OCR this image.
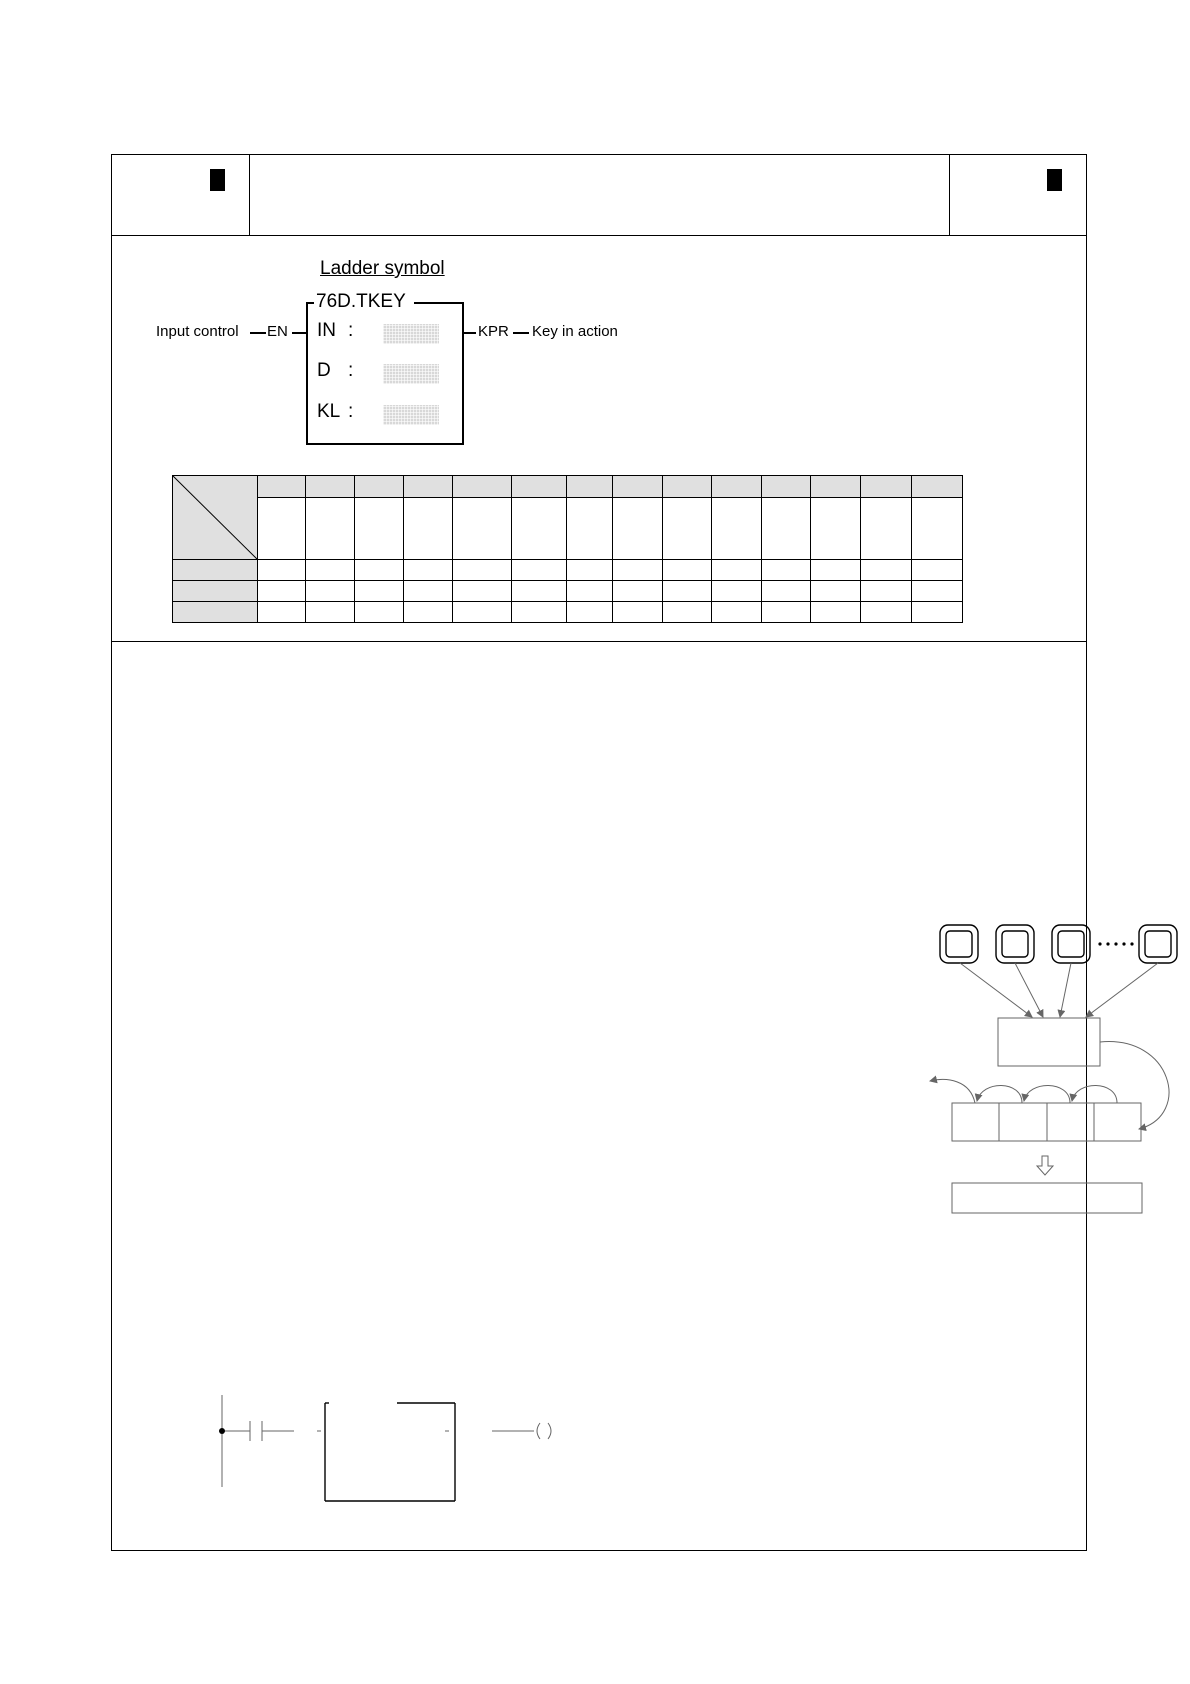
Ladder symbol
76D.TKEY
IN :
D :
KL :
Input control EN	KPR Key in action
